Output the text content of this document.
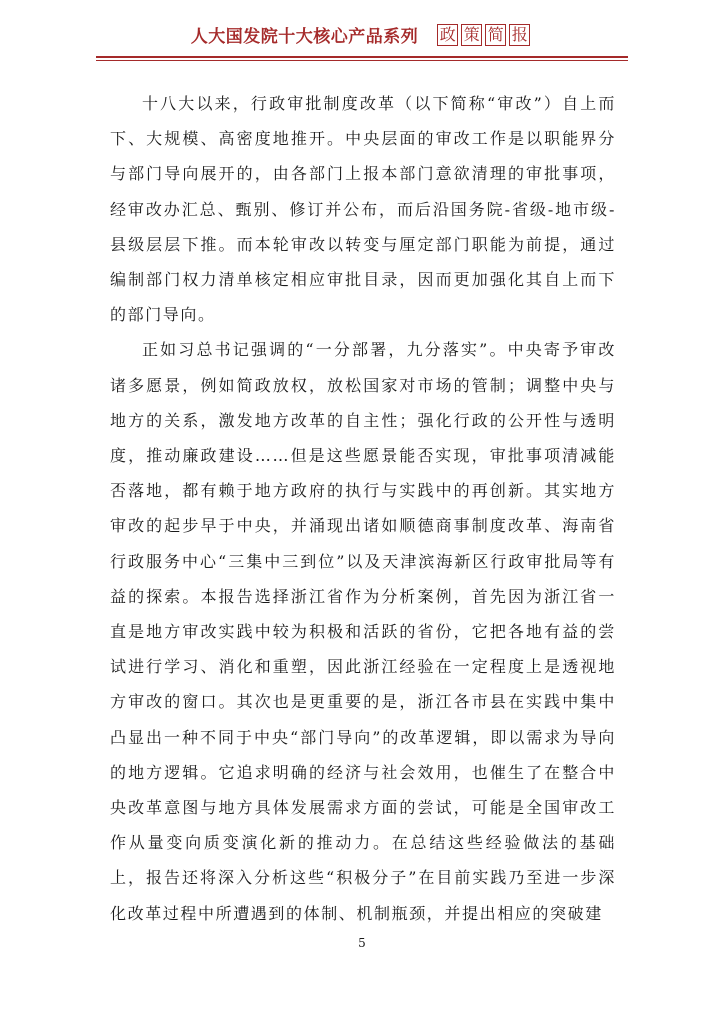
人大国发院十大核心产品系列 政 策 简 报

十八大以来，行政审批制度改革（以下简称“审改”）自上而下、大规模、高密度地推开。中央层面的审改工作是以职能界分与部门导向展开的，由各部门上报本部门意欲清理的审批事项，经审改办汇总、甄别、修订并公布，而后沿国务院-省级-地市级-县级层层下推。而本轮审改以转变与厘定部门职能为前提，通过编制部门权力清单核定相应审批目录，因而更加强化其自上而下的部门导向。

正如习总书记强调的“一分部署，九分落实”。中央寄予审改诸多愿景，例如简政放权，放松国家对市场的管制；调整中央与地方的关系，激发地方改革的自主性；强化行政的公开性与透明度，推动廉政建设……但是这些愿景能否实现，审批事项清减能否落地，都有赖于地方政府的执行与实践中的再创新。其实地方审改的起步早于中央，并涌现出诸如顺德商事制度改革、海南省行政服务中心“三集中三到位”以及天津滨海新区行政审批局等有益的探索。本报告选择浙江省作为分析案例，首先因为浙江省一直是地方审改实践中较为积极和活跃的省份，它把各地有益的尝试进行学习、消化和重塑，因此浙江经验在一定程度上是透视地方审改的窗口。其次也是更重要的是，浙江各市县在实践中集中凸显出一种不同于中央“部门导向”的改革逻辑，即以需求为导向的地方逻辑。它追求明确的经济与社会效用，也催生了在整合中央改革意图与地方具体发展需求方面的尝试，可能是全国审改工作从量变向质变演化新的推动力。在总结这些经验做法的基础上，报告还将深入分析这些“积极分子”在目前实践乃至进一步深化改革过程中所遭遇到的体制、机制瓶颈，并提出相应的突破建

5
